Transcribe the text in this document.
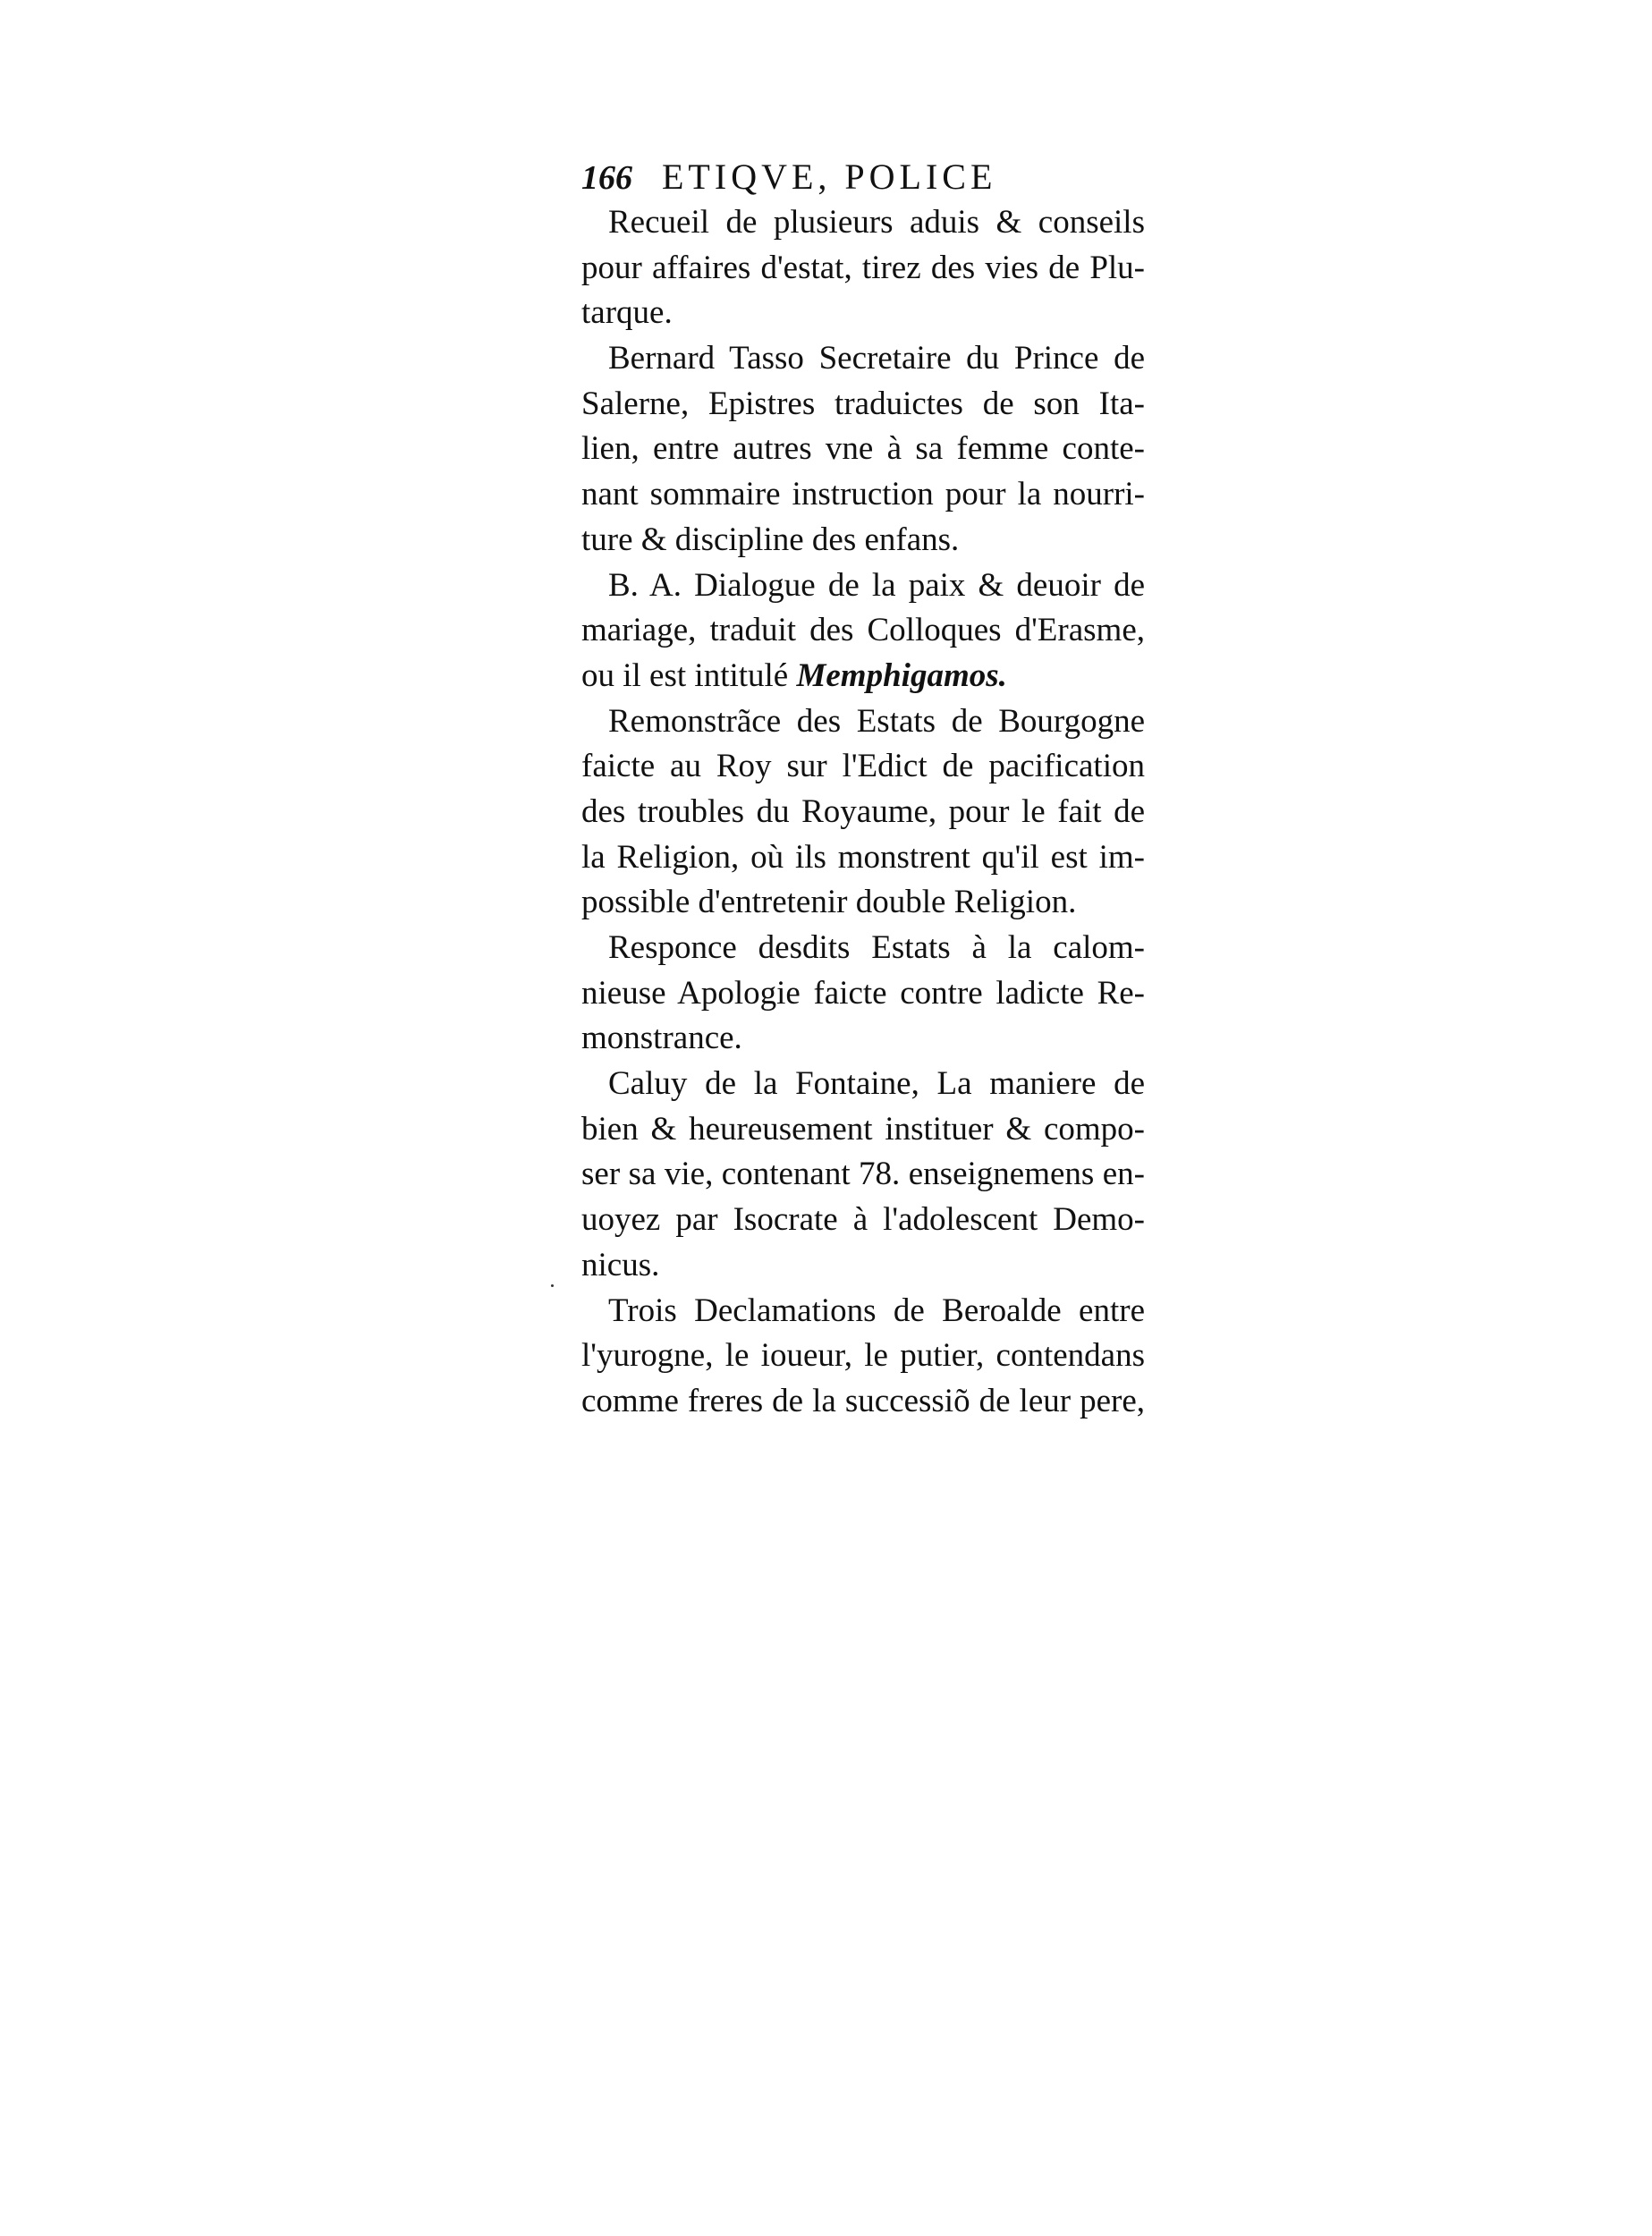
166 ETIQVE, POLICE
Recueil de plusieurs aduis & conseils
pour affaires d'estat, tirez des vies de Plu-
tarque.
Bernard Tasso Secretaire du Prince de
Salerne, Epistres traduictes de son Ita-
lien, entre autres vne à sa femme conte-
nant sommaire instruction pour la nourri-
ture & discipline des enfans.
B. A. Dialogue de la paix & deuoir de
mariage, traduit des Colloques d'Erasme,
ou il est intitulé Memphigamos.
Remonstrãce des Estats de Bourgogne
faicte au Roy sur l'Edict de pacification
des troubles du Royaume, pour le fait de
la Religion, où ils monstrent qu'il est im-
possible d'entretenir double Religion.
Responce desdits Estats à la calom-
nieuse Apologie faicte contre ladicte Re-
monstrance.
Caluy de la Fontaine, La maniere de
bien & heureusement instituer & compo-
ser sa vie, contenant 78. enseignemens en-
uoyez par Isocrate à l'adolescent Demo-
nicus.
Trois Declamations de Beroalde entre
l'yurogne, le ioueur, le putier, contendans
comme freres de la successiõ de leur pere,
